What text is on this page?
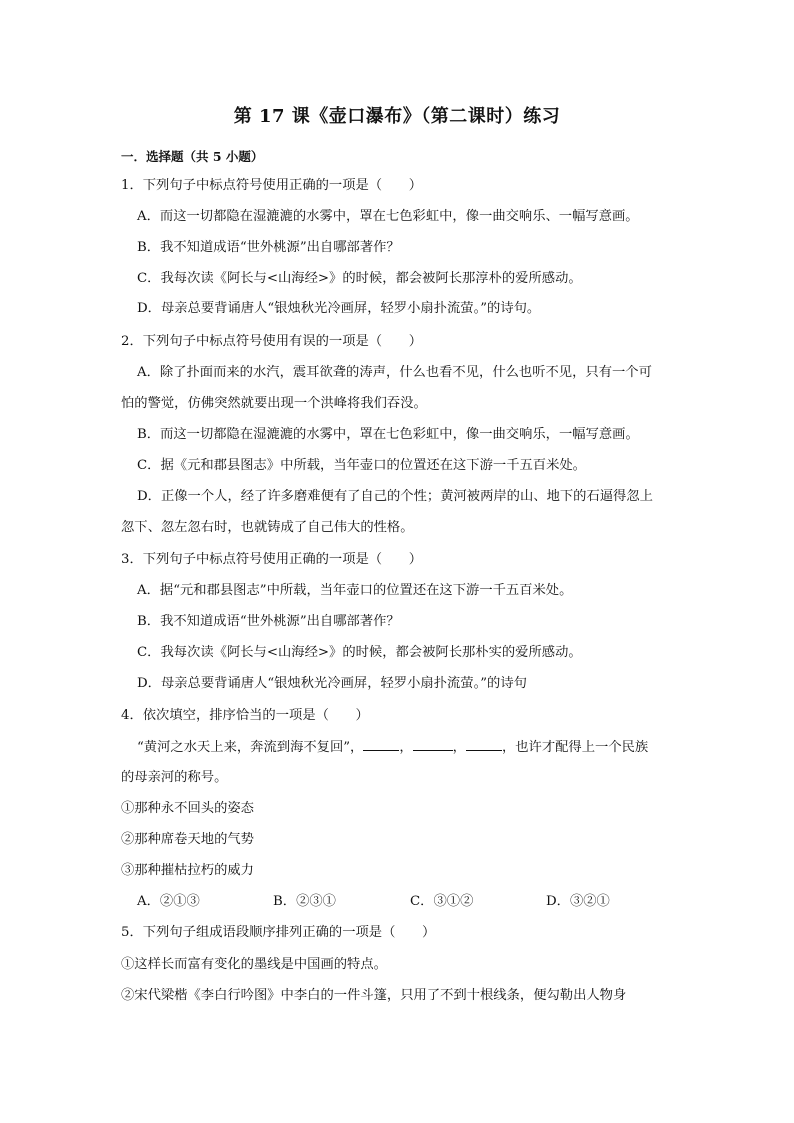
第 17 课《壶口瀑布》（第二课时）练习
一．选择题（共 5 小题）
1．下列句子中标点符号使用正确的一项是（　　）
A．而这一切都隐在湿漉漉的水雾中，罩在七色彩虹中，像一曲交响乐、一幅写意画。
B．我不知道成语“世外桃源”出自哪部著作？
C．我每次读《阿长与<山海经>》的时候，都会被阿长那淳朴的爱所感动。
D．母亲总要背诵唐人“银烛秋光冷画屏，轻罗小扇扑流萤。”的诗句。
2．下列句子中标点符号使用有误的一项是（　　）
A．除了扑面而来的水汽，震耳欲聋的涛声，什么也看不见，什么也听不见，只有一个可
怕的警觉，仿佛突然就要出现一个洪峰将我们吞没。
B．而这一切都隐在湿漉漉的水雾中，罩在七色彩虹中，像一曲交响乐，一幅写意画。
C．据《元和郡县图志》中所载，当年壶口的位置还在这下游一千五百米处。
D．正像一个人，经了许多磨难便有了自己的个性；黄河被两岸的山、地下的石逼得忽上
忽下、忽左忽右时，也就铸成了自己伟大的性格。
3．下列句子中标点符号使用正确的一项是（　　）
A．据“元和郡县图志”中所载，当年壶口的位置还在这下游一千五百米处。
B．我不知道成语“世外桃源”出自哪部著作？
C．我每次读《阿长与<山海经>》的时候，都会被阿长那朴实的爱所感动。
D．母亲总要背诵唐人“银烛秋光冷画屏，轻罗小扇扑流萤。”的诗句
4．依次填空，排序恰当的一项是（　　）
“黄河之水天上来，奔流到海不复回”，	，	，	，也许才配得上一个民族
的母亲河的称号。
①那种永不回头的姿态
②那种席卷天地的气势
③那种摧枯拉朽的威力
A．②①③	B．②③①	C．③①②	D．③②①
5．下列句子组成语段顺序排列正确的一项是（　　）
①这样长而富有变化的墨线是中国画的特点。
②宋代梁楷《李白行吟图》中李白的一件斗篷，只用了不到十根线条，便勾勒出人物身
